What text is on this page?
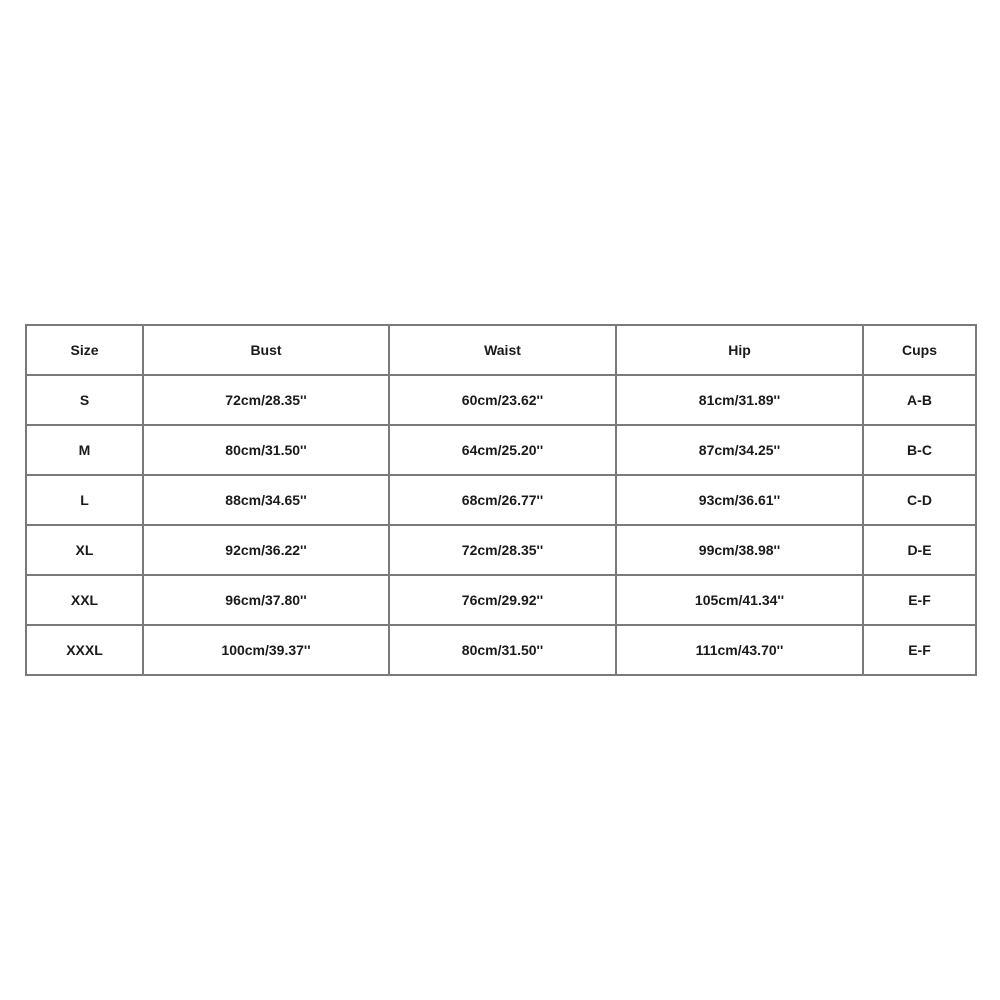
Size	Bust	Waist	Hip	Cups
S	72cm/28.35''	60cm/23.62''	81cm/31.89''	A-B
M	80cm/31.50''	64cm/25.20''	87cm/34.25''	B-C
L	88cm/34.65''	68cm/26.77''	93cm/36.61''	C-D
XL	92cm/36.22''	72cm/28.35''	99cm/38.98''	D-E
XXL	96cm/37.80''	76cm/29.92''	105cm/41.34''	E-F
XXXL	100cm/39.37''	80cm/31.50''	111cm/43.70''	E-F
